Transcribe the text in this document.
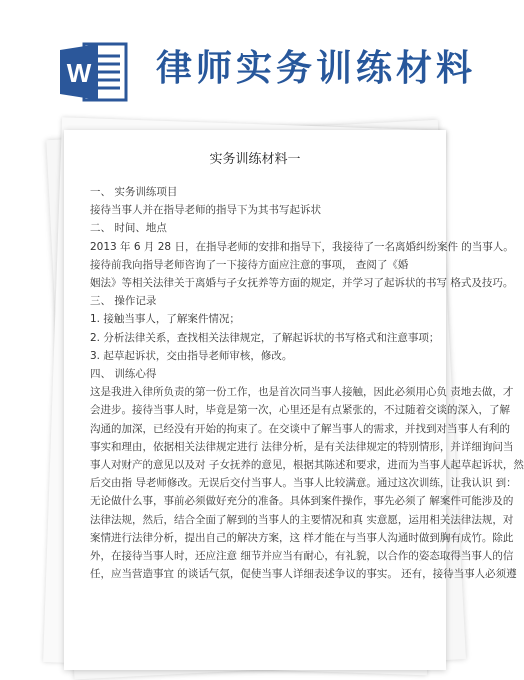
W 律师实务训练材料
实务训练材料一

一、 实务训练项目

接待当事人并在指导老师的指导下为其书写起诉状

二、 时间、地点

2013 年 6 月 28 日，在指导老师的安排和指导下，我接待了一名离婚纠纷案件 的当事人。

接待前我向指导老师咨询了一下接待方面应注意的事项， 查阅了《婚

姻法》等相关法律关于离婚与子女抚养等方面的规定，并学习了起诉状的书写 格式及技巧。

三、 操作记录

1. 接触当事人，了解案件情况；

2. 分析法律关系，查找相关法律规定，了解起诉状的书写格式和注意事项；

3. 起草起诉状，交由指导老师审核，修改。

四、 训练心得

这是我进入律所负责的第一份工作，也是首次同当事人接触，因此必须用心负 责地去做，才

会进步。接待当事人时，毕竟是第一次，心里还是有点紧张的，不过随着交谈的深入，了解

沟通的加深，已经没有开始的拘束了。在交谈中了解当事人的需求，并找到对当事人有利的

事实和理由，依据相关法律规定进行 法律分析，是有关法律规定的特别情形，并详细询问当

事人对财产的意见以及对 子女抚养的意见，根据其陈述和要求，进而为当事人起草起诉状，然

后交由指 导老师修改。无误后交付当事人。当事人比较满意。通过这次训练，让我认识 到：

无论做什么事，事前必须做好充分的准备。具体到案件操作，事先必须了 解案件可能涉及的

法律法规，然后，结合全面了解到的当事人的主要情况和真 实意愿，运用相关法律法规，对

案情进行法律分析，提出自己的解决方案，这 样才能在与当事人沟通时做到胸有成竹。除此

外，在接待当事人时，还应注意 细节并应当有耐心，有礼貌，以合作的姿态取得当事人的信

任，应当营造事宜 的谈话气氛，促使当事人详细表述争议的事实。 还有，接待当事人必须遵
